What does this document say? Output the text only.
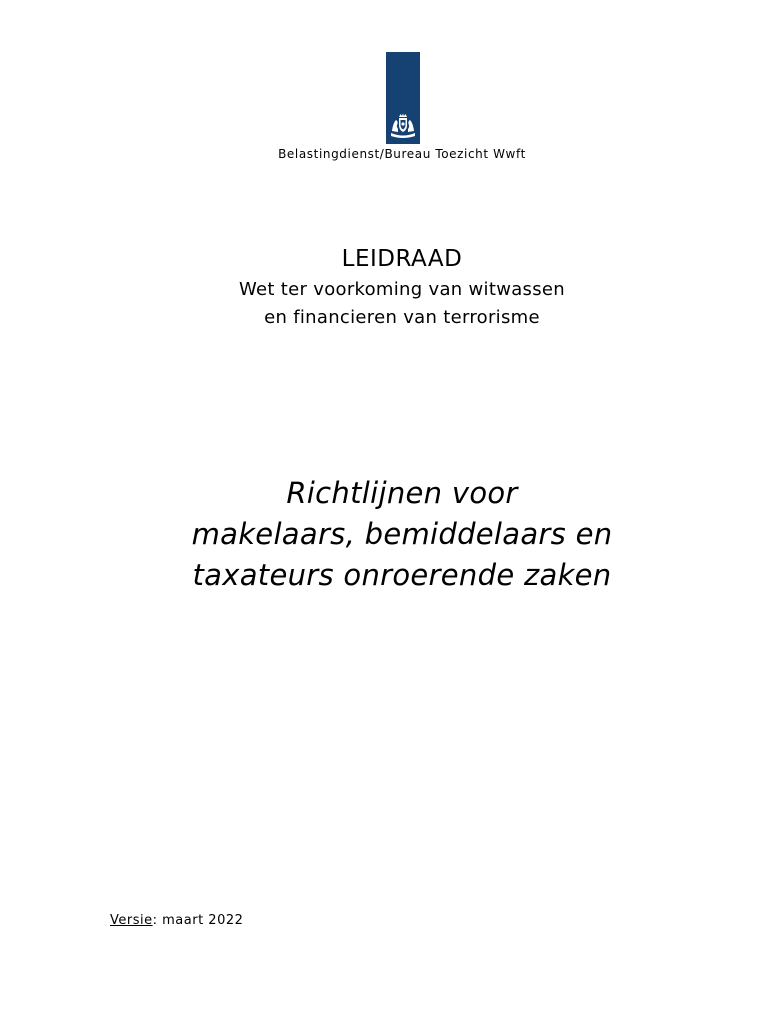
Belastingdienst/Bureau Toezicht Wwft
LEIDRAAD
Wet ter voorkoming van witwassen
en financieren van terrorisme
Richtlijnen voor
makelaars, bemiddelaars en
taxateurs onroerende zaken
Versie: maart 2022
